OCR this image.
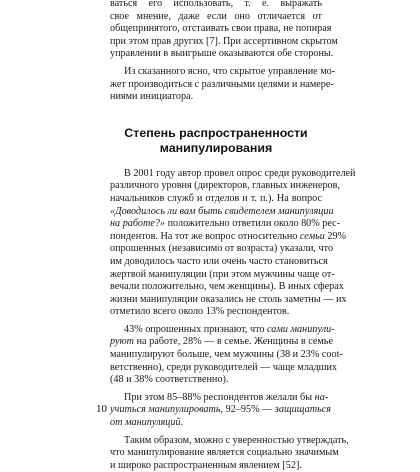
ваться его использовать, т. е. выражать
свое мнение, даже если оно отличается от
общепринятого, отстаивать свои права, не попирая
при этом прав других [7]. При ассертивном скрытом
управлении в выигрыше оказываются обе стороны.
Из сказанного ясно, что скрытое управление мо-
жет производиться с различными целями и намере-
ниями инициатора.
Степень распространенности
манипулирования
В 2001 году автор провел опрос среди руководителей
различного уровня (директоров, главных инженеров,
начальников служб и отделов и т. п.). На вопрос
«Доводилось ли вам быть свидетелем манипуляции
на работе?» положительно ответили около 80% рес-
пондентов. На тот же вопрос относительно семьи 29%
опрошенных (независимо от возраста) указали, что
им доводилось часто или очень часто становиться
жертвой манипуляции (при этом мужчины чаще от-
вечали положительно, чем женщины). В иных сферах
жизни манипуляции оказались не столь заметны — их
отметило всего около 13% респондентов.
43% опрошенных признают, что сами манипули-
руют на работе, 28% — в семье. Женщины в семье
манипулируют больше, чем мужчины (38 и 23% сoot-
ветственно), среди руководителей — чаще младших
(48 и 38% соответственно).
При этом 85–88% респондентов желали бы на-
учиться манипулировать, 92–95% — защищаться
от манипуляций.
Таким образом, можно с уверенностью утверждать,
что манипулирование является социально значимым
и широко распространенным явлением [52].
10
